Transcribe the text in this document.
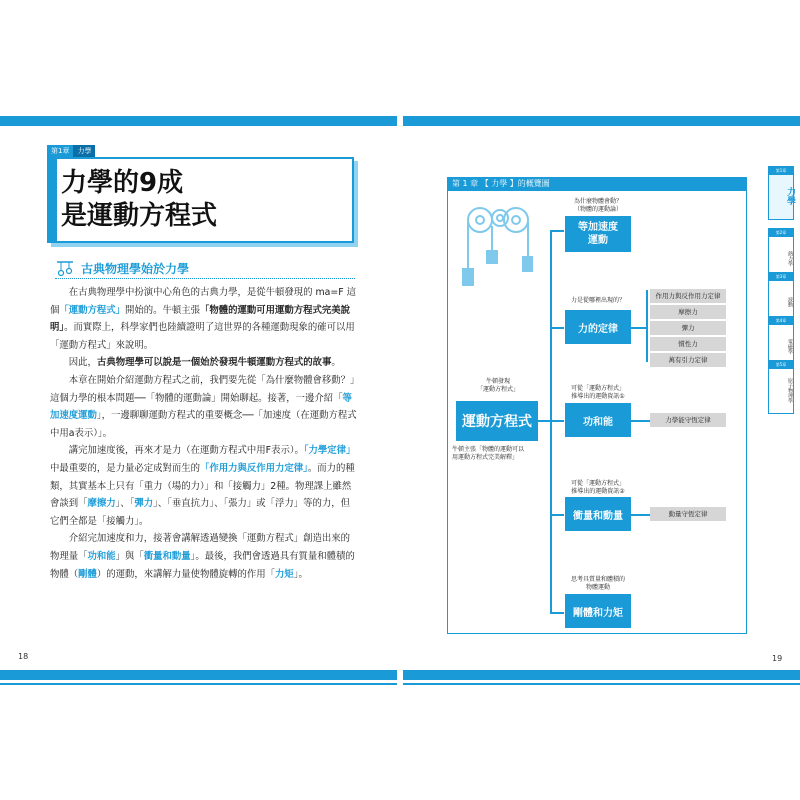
第1章	力學
力學的9成
是運動方程式
古典物理學始於力學

在古典物理學中扮演中心角色的古典力學，是從牛頓發現的 ma=F 這個「運動方程式」開始的。牛頓主張「物體的運動可用運動方程式完美說明」。而實際上，科學家們也陸續證明了這世界的各種運動現象的確可以用「運動方程式」來說明。

因此，古典物理學可以說是一個始於發現牛頓運動方程式的故事。

本章在開始介紹運動方程式之前，我們要先從「為什麼物體會移動？」這個力學的根本問題──「物體的運動論」開始聊起。接著，一邊介紹「等加速度運動」，一邊聊聊運動方程式的重要概念──「加速度（在運動方程式中用a表示）」。

講完加速度後，再來才是力（在運動方程式中用F表示）。「力學定律」中最重要的，是力量必定成對而生的「作用力與反作用力定律」。而力的種類，其實基本上只有「重力（場的力）」和「接觸力」2種。物理課上雖然會談到「摩擦力」、「彈力」、「垂直抗力」、「張力」或「浮力」等的力，但它們全都是「接觸力」。

介紹完加速度和力，接著會講解透過變換「運動方程式」創造出來的物理量「功和能」與「衝量和動量」。最後，我們會透過具有質量和體積的物體（剛體）的運動，來講解力量使物體旋轉的作用「力矩」。

18
第 1 章 【 力學 】的概覽圖
牛頓發現
「運動方程式」
運動方程式
牛頓主張「物體的運動可以
用運動方程式完美解釋」
為什麼物體會動？
（物體的運動論）
等加速度
運動
力是從哪裡出現的？
力的定律
可從「運動方程式」
推導出的運動資訊①
功和能
可從「運動方程式」
推導出的運動資訊②
衝量和動量
思考具質量和體積的
物體運動
剛體和力矩
作用力與反作用力定律
摩擦力
彈力
慣性力
萬有引力定律
力學能守恆定律
動量守恆定律
第1章
力學
第2章
熱力學
第3章
波動
第4章
電磁學
第5章
原子物理學
19
